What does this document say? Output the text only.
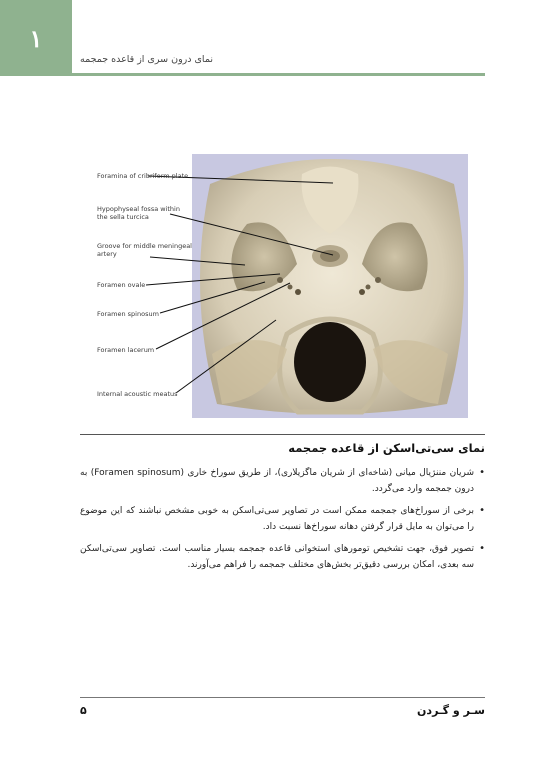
۱
نمای درون سری از قاعده جمجمه
Foramina of cribriform plate
Hypophyseal fossa within the sella turcica
Groove for middle meningeal artery
Foramen ovale
Foramen spinosum
Foramen lacerum
Internal acoustic meatus
نمای سی‌تی‌اسکن از قاعده جمجمه
• شریان مننژیال میانی (شاخه‌ای از شریان ماگزیلاری)، از طریق سوراخ خاری (Foramen spinosum) به درون جمجمه وارد می‌گردد.
• برخی از سوراخ‌های جمجمه ممکن است در تصاویر سی‌تی‌اسکن به خوبی مشخص نباشند که این موضوع را می‌توان به مایل قرار گرفتن دهانه سوراخ‌ها نسبت داد.
• تصویر فوق، جهت تشخیص تومورهای استخوانی قاعده جمجمه بسیار مناسب است. تصاویر سی‌تی‌اسکن سه بعدی، امکان بررسی دقیق‌تر بخش‌های مختلف جمجمه را فراهم می‌آورند.
سـر و گـردن
۵
